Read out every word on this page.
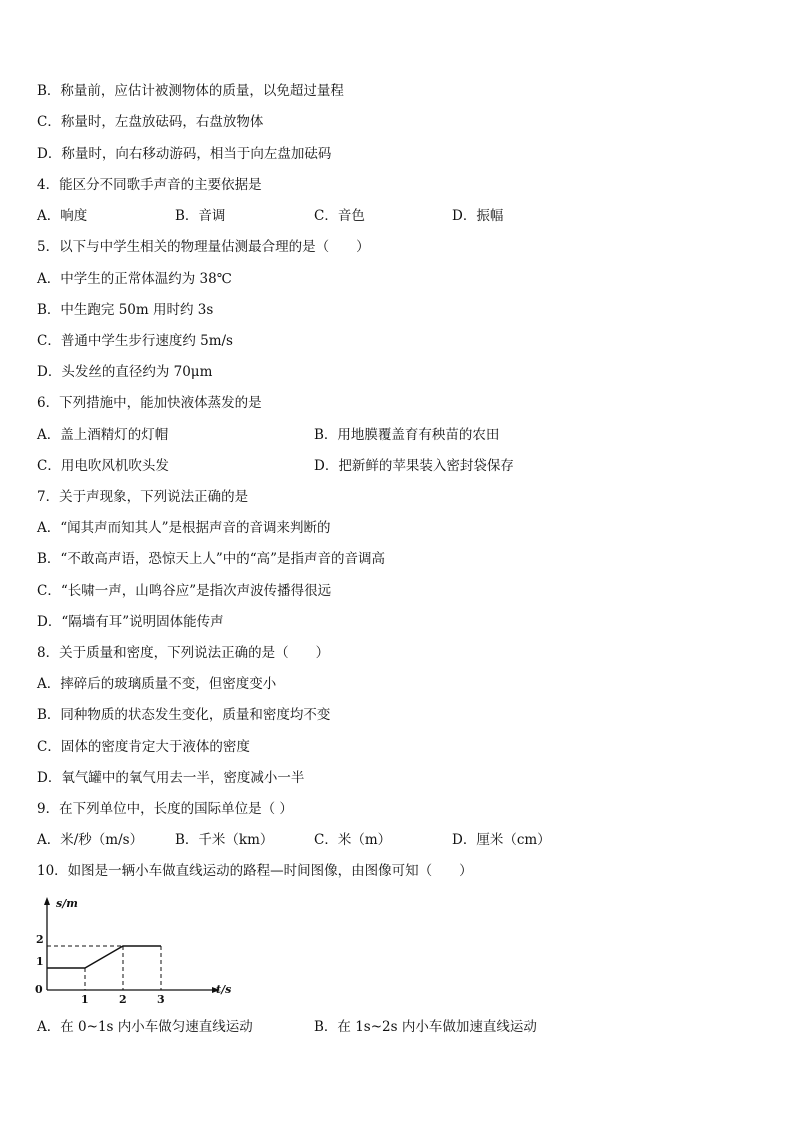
B．称量前，应估计被测物体的质量，以免超过量程
C．称量时，左盘放砝码，右盘放物体
D．称量时，向右移动游码，相当于向左盘加砝码
4．能区分不同歌手声音的主要依据是
A．响度	B．音调	C．音色	D．振幅
5．以下与中学生相关的物理量估测最合理的是（　　）
A．中学生的正常体温约为 38℃
B．中生跑完 50m 用时约 3s
C．普通中学生步行速度约 5m/s
D．头发丝的直径约为 70μm
6．下列措施中，能加快液体蒸发的是
A．盖上酒精灯的灯帽	B．用地膜覆盖育有秧苗的农田
C．用电吹风机吹头发	D．把新鲜的苹果装入密封袋保存
7．关于声现象，下列说法正确的是
A．“闻其声而知其人”是根据声音的音调来判断的
B．“不敢高声语，恐惊天上人”中的“高”是指声音的音调高
C．“长啸一声，山鸣谷应”是指次声波传播得很远
D．“隔墙有耳”说明固体能传声
8．关于质量和密度，下列说法正确的是（　　）
A．摔碎后的玻璃质量不变，但密度变小
B．同种物质的状态发生变化，质量和密度均不变
C．固体的密度肯定大于液体的密度
D．氧气罐中的氧气用去一半，密度减小一半
9．在下列单位中，长度的国际单位是（ ）
A．米/秒（m/s） B．千米（km）	C．米（m）	D．厘米（cm）
10．如图是一辆小车做直线运动的路程—时间图像，由图像可知（　　）
s/m
t/s
0
1
2
1	2	3
A．在 0~1s 内小车做匀速直线运动	B．在 1s~2s 内小车做加速直线运动
